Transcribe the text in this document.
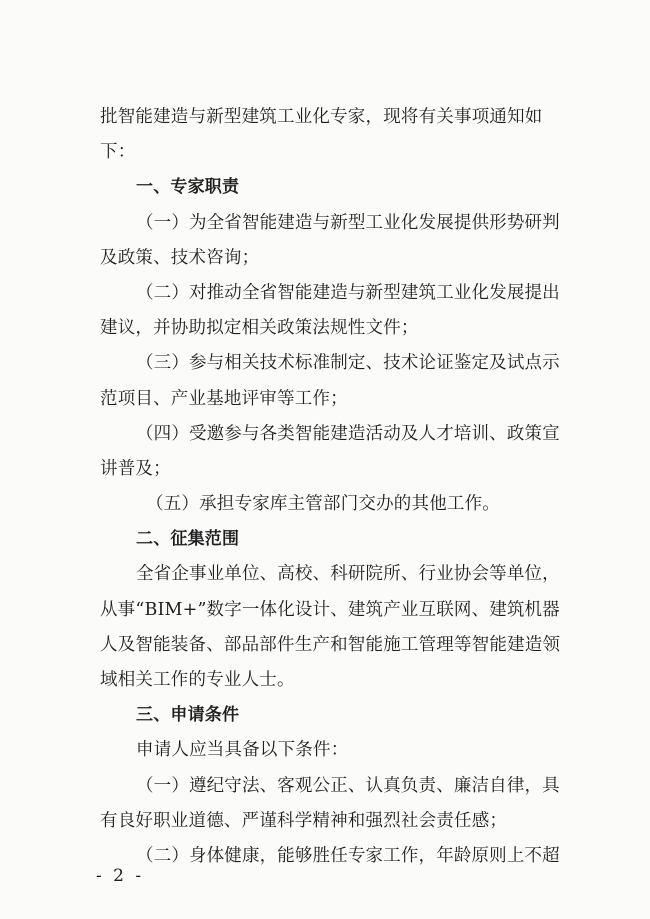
批智能建造与新型建筑工业化专家，现将有关事项通知如
下：
一、专家职责
（一）为全省智能建造与新型工业化发展提供形势研判
及政策、技术咨询；
（二）对推动全省智能建造与新型建筑工业化发展提出
建议，并协助拟定相关政策法规性文件；
（三）参与相关技术标准制定、技术论证鉴定及试点示
范项目、产业基地评审等工作；
（四）受邀参与各类智能建造活动及人才培训、政策宣
讲普及；
（五）承担专家库主管部门交办的其他工作。
二、征集范围
全省企事业单位、高校、科研院所、行业协会等单位，
从事“BIM+”数字一体化设计、建筑产业互联网、建筑机器
人及智能装备、部品部件生产和智能施工管理等智能建造领
域相关工作的专业人士。
三、申请条件
申请人应当具备以下条件：
（一）遵纪守法、客观公正、认真负责、廉洁自律，具
有良好职业道德、严谨科学精神和强烈社会责任感；
（二）身体健康，能够胜任专家工作，年龄原则上不超
- 2 -
